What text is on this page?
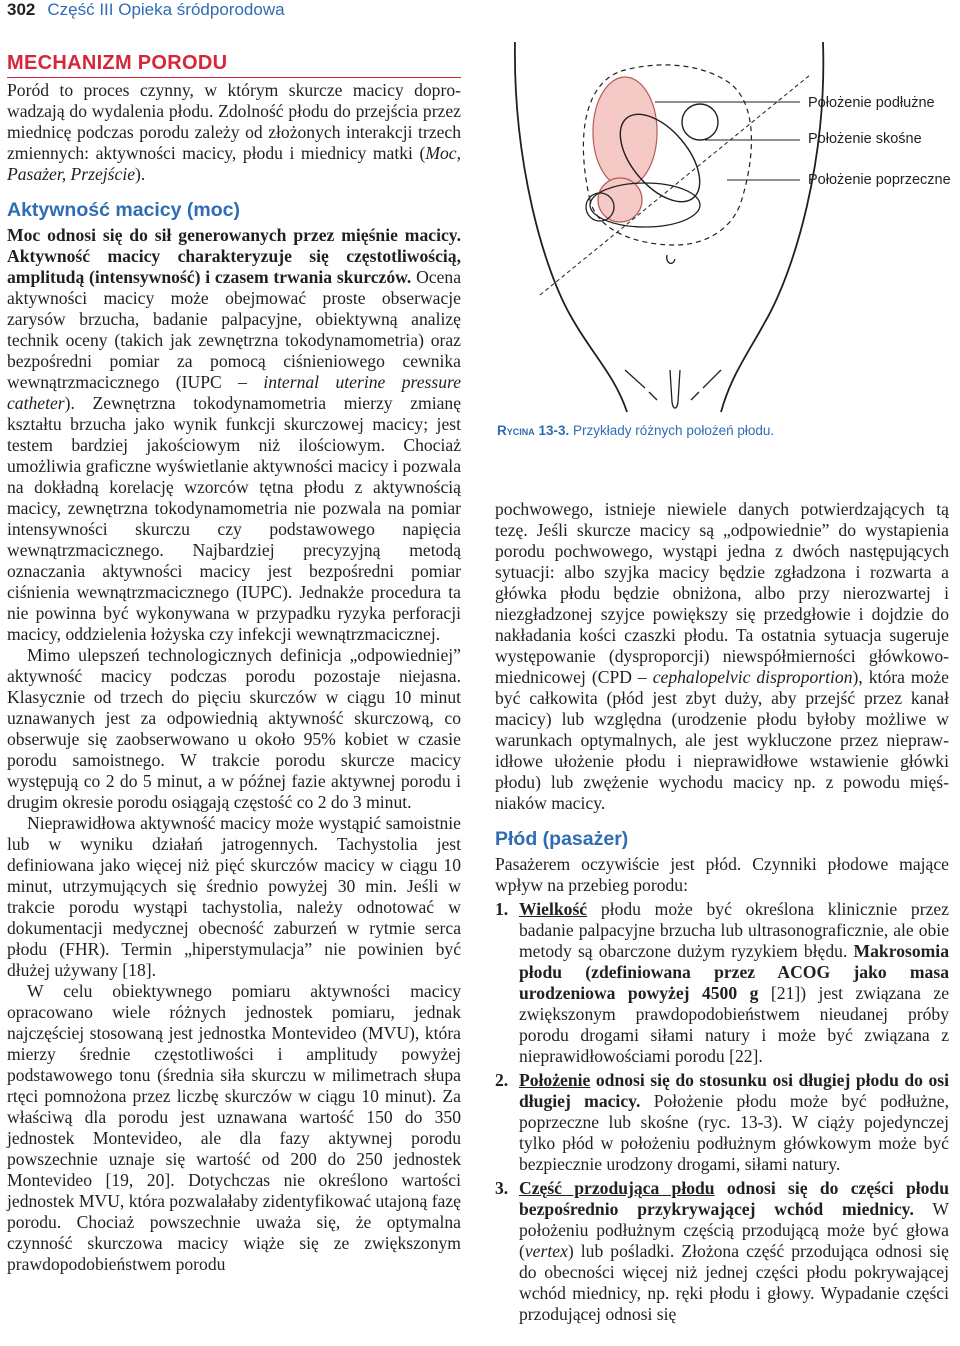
302 Część III Opieka śródporodowa
MECHANIZM PORODU

Poród to proces czynny, w którym skurcze macicy doprowadzają do wydalenia płodu. Zdolność płodu do przejścia przez miednicę podczas porodu zależy od złożonych interakcji trzech zmiennych: aktywności macicy, płodu i miednicy matki (Moc, Pasażer, Przejście).

Aktywność macicy (moc)

Moc odnosi się do sił generowanych przez mięśnie macicy. Aktywność macicy charakteryzuje się częstotliwością, amplitudą (intensywność) i czasem trwania skurczów. Ocena aktywności macicy może obejmować proste obserwacje zarysów brzucha, badanie palpacyjne, obiektywną analizę technik oceny (takich jak zewnętrzna tokodynamometria) oraz bezpośredni pomiar za pomocą ciśnieniowego cewnika wewnątrzmacicznego (IUPC – internal uterine pressure catheter). Zewnętrzna tokodynamometria mierzy zmianę kształtu brzucha jako wynik funkcji skurczowej macicy; jest testem bardziej jakościowym niż ilościowym. Chociaż umożliwia graficzne wyświetlanie aktywności macicy i pozwala na dokładną korelację wzorców tętna płodu z aktywnością macicy, zewnętrzna tokodynamometria nie pozwala na pomiar intensywności skurczu czy podstawowego napięcia wewnątrzmacicznego. Najbardziej precyzyjną metodą oznaczania aktywności macicy jest bezpośredni pomiar ciśnienia wewnątrzmacicznego (IUPC). Jednakże procedura ta nie powinna być wykonywana w przypadku ryzyka perforacji macicy, oddzielenia łożyska czy infekcji wewnątrzmacicznej.

Mimo ulepszeń technologicznych definicja „odpowiedniej” aktywność macicy podczas porodu pozostaje niejasna. Klasycznie od trzech do pięciu skurczów w ciągu 10 minut uznawanych jest za odpowiednią aktywność skurczową, co obserwuje się zaobserwowano u około 95% kobiet w czasie porodu samoistnego. W trakcie porodu skurcze macicy występują co 2 do 5 minut, a w późnej fazie aktywnej porodu i drugim okresie porodu osiągają częstość co 2 do 3 minut.

Nieprawidłowa aktywność macicy może wystąpić samoistnie lub w wyniku działań jatrogennych. Tachystolia jest definiowana jako więcej niż pięć skurczów macicy w ciągu 10 minut, utrzymujących się średnio powyżej 30 min. Jeśli w trakcie porodu wystąpi tachystolia, należy odnotować w dokumentacji medycznej obecność zaburzeń w rytmie serca płodu (FHR). Termin „hiperstymulacja” nie powinien być dłużej używany [18].

W celu obiektywnego pomiaru aktywności macicy opracowano wiele różnych jednostek pomiaru, jednak najczęściej stosowaną jest jednostka Montevideo (MVU), która mierzy średnie częstotliwości i amplitudy powyżej podstawowego tonu (średnia siła skurczu w milimetrach słupa rtęci pomnożona przez liczbę skurczów w ciągu 10 minut). Za właściwą dla porodu jest uznawana wartość 150 do 350 jednostek Montevideo, ale dla fazy aktywnej porodu powszechnie uznaje się wartość od 200 do 250 jednostek Montevideo [19, 20]. Dotychczas nie określono wartości jednostek MVU, która pozwalałaby zidentyfikować utajoną fazę porodu. Chociaż powszechnie uważa się, że optymalna czynność skurczowa macicy wiąże się ze zwiększonym prawdopodobieństwem porodu

Położenie podłużne
Położenie skośne
Położenie poprzeczne
Rycina 13-3. Przykłady różnych położeń płodu.

pochwowego, istnieje niewiele danych potwierdzających tą tezę. Jeśli skurcze macicy są „odpowiednie” do wystapienia porodu pochwowego, wystąpi jedna z dwóch następujących sytuacji: albo szyjka macicy będzie zgładzona i rozwarta a główka płodu będzie obniżona, albo przy nierozwartej i niezgładzonej szyjce powiększy się przedgłowie i dojdzie do nakładania kości czaszki płodu. Ta ostatnia sytuacja sugeruje występowanie (dysproporcji) niewspółmierności główkowo-miednicowej (CPD – cephalopelvic disproportion), która może być całkowita (płód jest zbyt duży, aby przejść przez kanał macicy) lub względna (urodzenie płodu byłoby możliwe w warunkach optymalnych, ale jest wykluczone przez nieprawidłowe ułożenie płodu i nieprawidłowe wstawienie główki płodu) lub zwężenie wychodu macicy np. z powodu mięśniaków macicy.

Płód (pasażer)

Pasażerem oczywiście jest płód. Czynniki płodowe mające wpływ na przebieg porodu:

1. Wielkość płodu może być określona klinicznie przez badanie palpacyjne brzucha lub ultrasonograficznie, ale obie metody są obarczone dużym ryzykiem błędu. Makrosomia płodu (zdefiniowana przez ACOG jako masa urodzeniowa powyżej 4500 g [21]) jest związana ze zwiększonym prawdopodobieństwem nieudanej próby porodu drogami siłami natury i może być związana z nieprawidłowościami porodu [22].
2. Położenie odnosi się do stosunku osi długiej płodu do osi długiej macicy. Położenie płodu może być podłużne, poprzeczne lub skośne (ryc. 13-3). W ciąży pojedynczej tylko płód w położeniu podłużnym główkowym może być bezpiecznie urodzony drogami, siłami natury.
3. Część przodująca płodu odnosi się do części płodu bezpośrednio przykrywającej wchód miednicy. W położeniu podłużnym częścią przodującą może być głowa (vertex) lub pośladki. Złożona część przodująca odnosi się do obecności więcej niż jednej części płodu pokrywającej wchód miednicy, np. ręki płodu i głowy. Wypadanie części przodującej odnosi się
